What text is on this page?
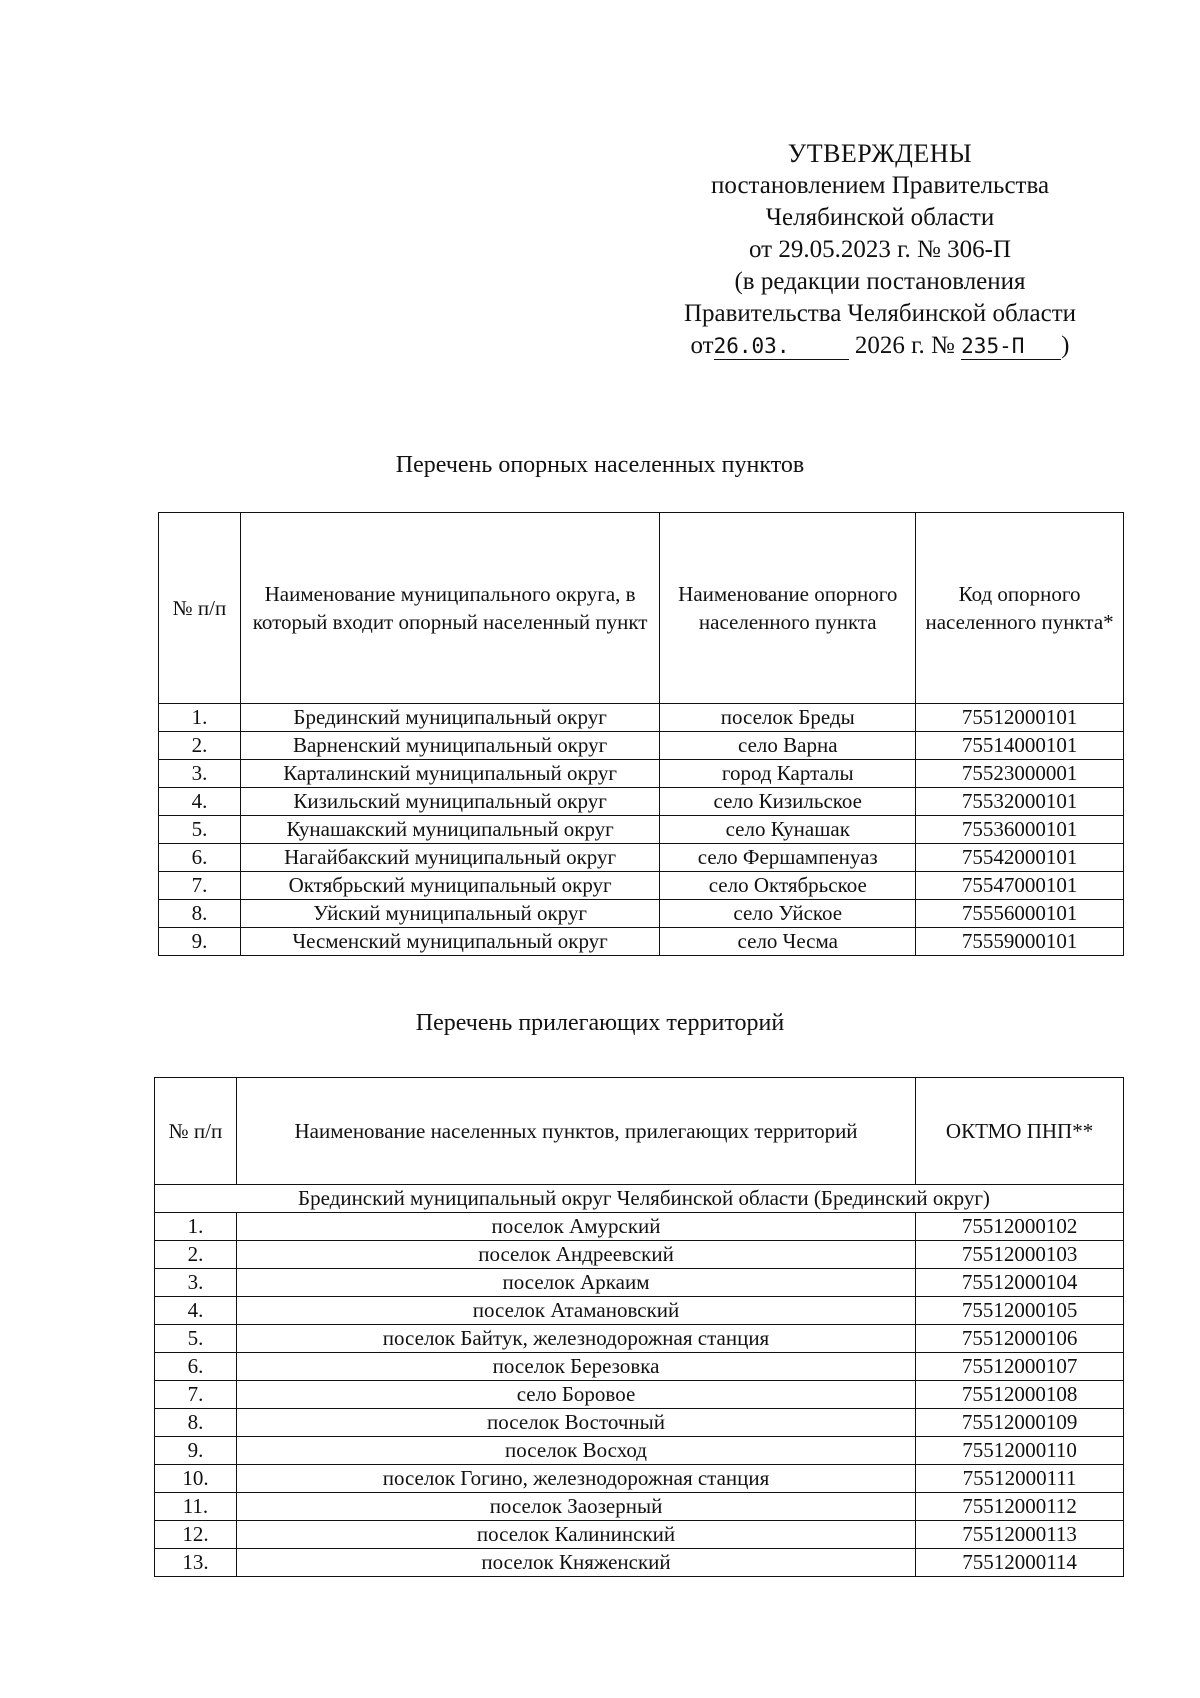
УТВЕРЖДЕНЫ
постановлением Правительства
Челябинской области
от 29.05.2023 г. № 306-П
(в редакции постановления
Правительства Челябинской области
от26.03.	2026 г. № 235-П )
Перечень опорных населенных пунктов
№ п/п	Наименование муниципального округа, в который входит опорный населенный пункт	Наименование опорного населенного пункта	Код опорного населенного пункта*
1.	Брединский муниципальный округ	поселок Бреды	75512000101
2.	Варненский муниципальный округ	село Варна	75514000101
3.	Карталинский муниципальный округ	город Карталы	75523000001
4.	Кизильский муниципальный округ	село Кизильское	75532000101
5.	Кунашакский муниципальный округ	село Кунашак	75536000101
6.	Нагайбакский муниципальный округ	село Фершампенуаз	75542000101
7.	Октябрьский муниципальный округ	село Октябрьское	75547000101
8.	Уйский муниципальный округ	село Уйское	75556000101
9.	Чесменский муниципальный округ	село Чесма	75559000101
Перечень прилегающих территорий
№ п/п	Наименование населенных пунктов, прилегающих территорий	ОКТМО ПНП**
Брединский муниципальный округ Челябинской области (Брединский округ)		
1.	поселок Амурский	75512000102
2.	поселок Андреевский	75512000103
3.	поселок Аркаим	75512000104
4.	поселок Атамановский	75512000105
5.	поселок Байтук, железнодорожная станция	75512000106
6.	поселок Березовка	75512000107
7.	село Боровое	75512000108
8.	поселок Восточный	75512000109
9.	поселок Восход	75512000110
10.	поселок Гогино, железнодорожная станция	75512000111
11.	поселок Заозерный	75512000112
12.	поселок Калининский	75512000113
13.	поселок Княженский	75512000114
